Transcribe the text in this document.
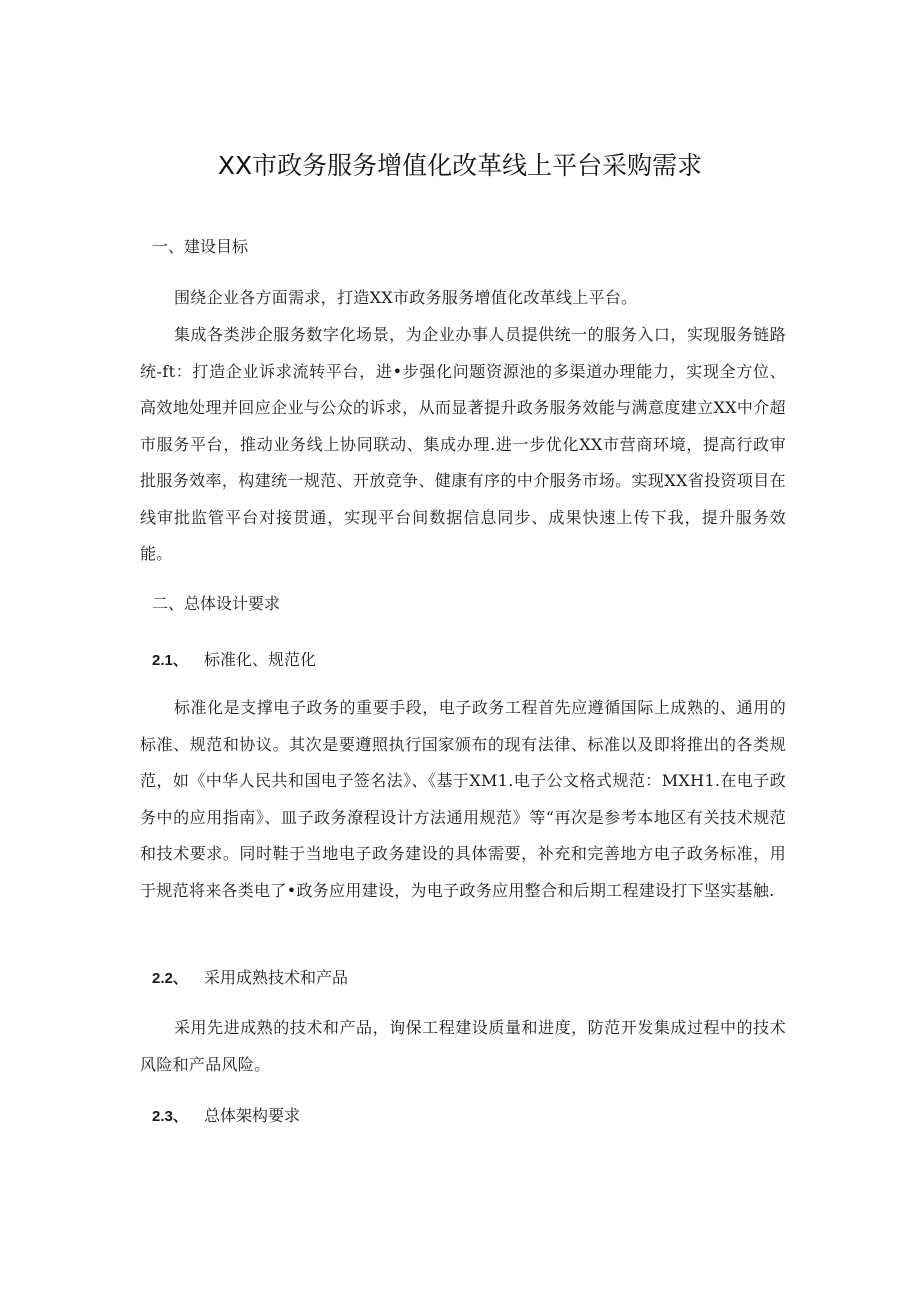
XX市政务服务增值化改革线上平台采购需求
一、建设目标
围绕企业各方面需求，打造XX市政务服务增值化改革线上平台。
集成各类涉企服务数字化场景，为企业办事人员提供统一的服务入口，实现服务链路统-ft：打造企业诉求流转平台，进•步强化问题资源池的多渠道办理能力，实现全方位、高效地处理并回应企业与公众的诉求，从而显著提升政务服务效能与满意度建立XX中介超市服务平台，推动业务线上协同联动、集成办理.进一步优化XX市营商环境，提高行政审批服务效率，构建统一规范、开放竞争、健康有序的中介服务市场。实现XX省投资项目在线审批监管平台对接贯通，实现平台间数据信息同步、成果快速上传下我，提升服务效能。
二、总体设计要求
2.1、 标准化、规范化
标准化是支撑电子政务的重要手段，电子政务工程首先应遵循国际上成熟的、通用的标准、规范和协议。其次是要遵照执行国家颁布的现有法律、标准以及即将推出的各类规范，如《中华人民共和国电子签名法》、《基于XM1.电子公文格式规范：MXH1.在电子政务中的应用指南》、皿子政务潦程设计方法通用规范》等“再次是参考本地区有关技术规范和技术要求。同时鞋于当地电子政务建设的具体需要，补充和完善地方电子政务标准，用于规范将来各类电了•政务应用建设，为电子政务应用整合和后期工程建设打下坚实基触.
2.2、 采用成熟技术和产品
采用先进成熟的技术和产品，询保工程建设质量和进度，防范开发集成过程中的技术风险和产品风险。
2.3、 总体架构要求
